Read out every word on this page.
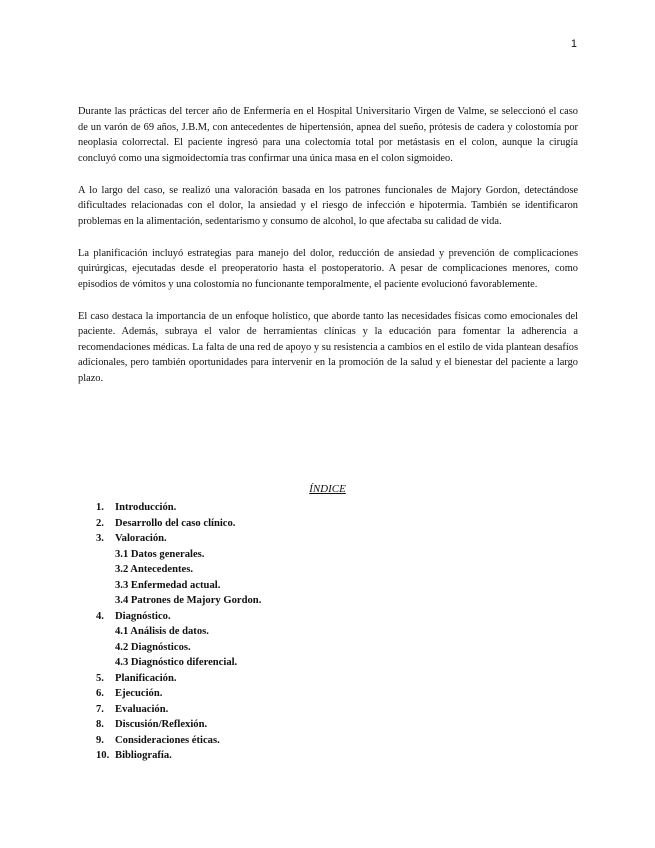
1

Durante las prácticas del tercer año de Enfermería en el Hospital Universitario Virgen de Valme, se seleccionó el caso de un varón de 69 años, J.B.M, con antecedentes de hipertensión, apnea del sueño, prótesis de cadera y colostomía por neoplasia colorrectal. El paciente ingresó para una colectomía total por metástasis en el colon, aunque la cirugía concluyó como una sigmoidectomía tras confirmar una única masa en el colon sigmoideo.

A lo largo del caso, se realizó una valoración basada en los patrones funcionales de Majory Gordon, detectándose dificultades relacionadas con el dolor, la ansiedad y el riesgo de infección e hipotermia. También se identificaron problemas en la alimentación, sedentarismo y consumo de alcohol, lo que afectaba su calidad de vida.

La planificación incluyó estrategias para manejo del dolor, reducción de ansiedad y prevención de complicaciones quirúrgicas, ejecutadas desde el preoperatorio hasta el postoperatorio. A pesar de complicaciones menores, como episodios de vómitos y una colostomía no funcionante temporalmente, el paciente evolucionó favorablemente.

El caso destaca la importancia de un enfoque holístico, que aborde tanto las necesidades físicas como emocionales del paciente. Además, subraya el valor de herramientas clínicas y la educación para fomentar la adherencia a recomendaciones médicas. La falta de una red de apoyo y su resistencia a cambios en el estilo de vida plantean desafíos adicionales, pero también oportunidades para intervenir en la promoción de la salud y el bienestar del paciente a largo plazo.

ÍNDICE
1.	Introducción.
2.	Desarrollo del caso clínico.
3.	Valoración.
3.1 Datos generales.
3.2 Antecedentes.
3.3 Enfermedad actual.
3.4 Patrones de Majory Gordon.
4.	Diagnóstico.
4.1 Análisis de datos.
4.2 Diagnósticos.
4.3 Diagnóstico diferencial.
5.	Planificación.
6.	Ejecución.
7.	Evaluación.
8.	Discusión/Reflexión.
9.	Consideraciones éticas.
10. Bibliografía.
